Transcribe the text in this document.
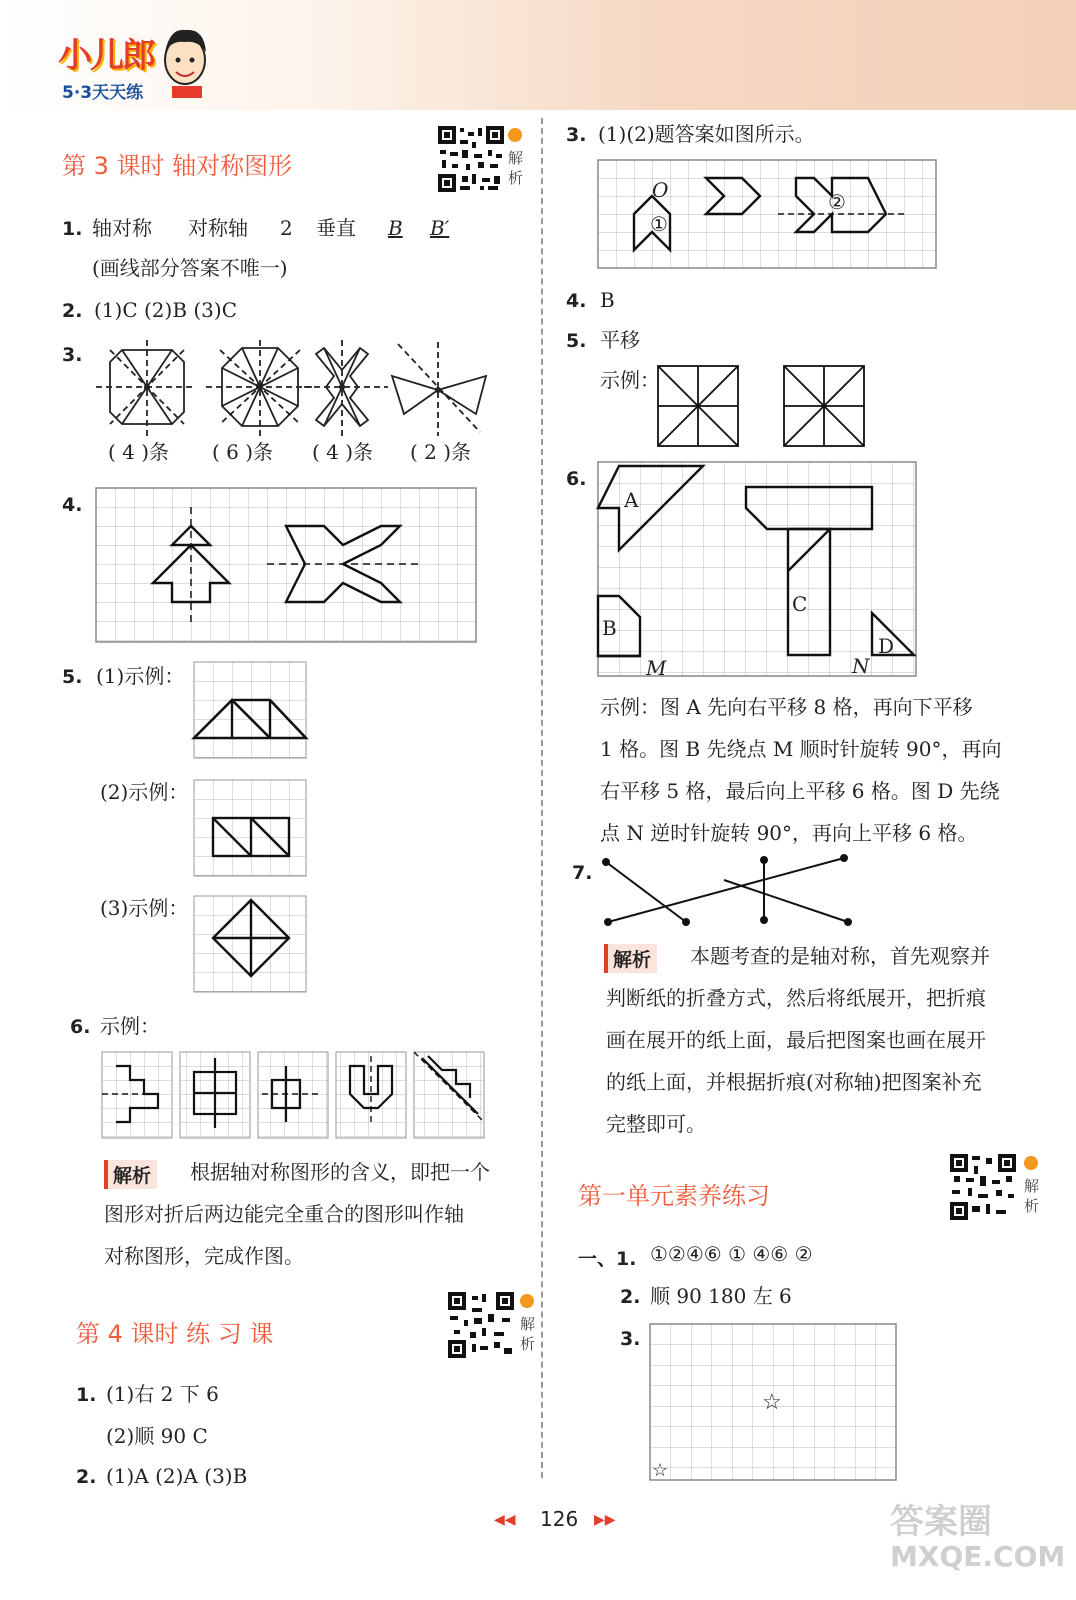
小儿郎
5·3天天练
第 3 课时 轴对称图形	解析
1. 轴对称 对称轴 2 垂直 B B′
(画线部分答案不唯一)
2. (1)C (2)B (3)C
3.
( 4 )条 ( 6 )条 ( 4 )条 ( 2 )条
4.
5. (1)示例：
(2)示例：
(3)示例：
6. 示例：
解析	根据轴对称图形的含义，即把一个
图形对折后两边能完全重合的图形叫作轴
对称图形，完成作图。
第 4 课时 练 习 课	解析
1. (1)右 2 下 6
(2)顺 90 C
2. (1)A (2)A (3)B
3. (1)(2)题答案如图所示。
O
①
②
4. B
5. 平移
示例：
6.
A
B
C
D
M	N
示例：图 A 先向右平移 8 格，再向下平移
1 格。图 B 先绕点 M 顺时针旋转 90°，再向
右平移 5 格，最后向上平移 6 格。图 D 先绕
点 N 逆时针旋转 90°，再向上平移 6 格。
7.
解析	本题考查的是轴对称，首先观察并
判断纸的折叠方式，然后将纸展开，把折痕
画在展开的纸上面，最后把图案也画在展开
的纸上面，并根据折痕(对称轴)把图案补充
完整即可。
第一单元素养练习	解析
一、1. ①②④⑥ ① ④⑥ ②
2. 顺 90 180 左 6
3.
☆
☆
◀◀ 126 ▶▶	答案圈
MXQE.COM
